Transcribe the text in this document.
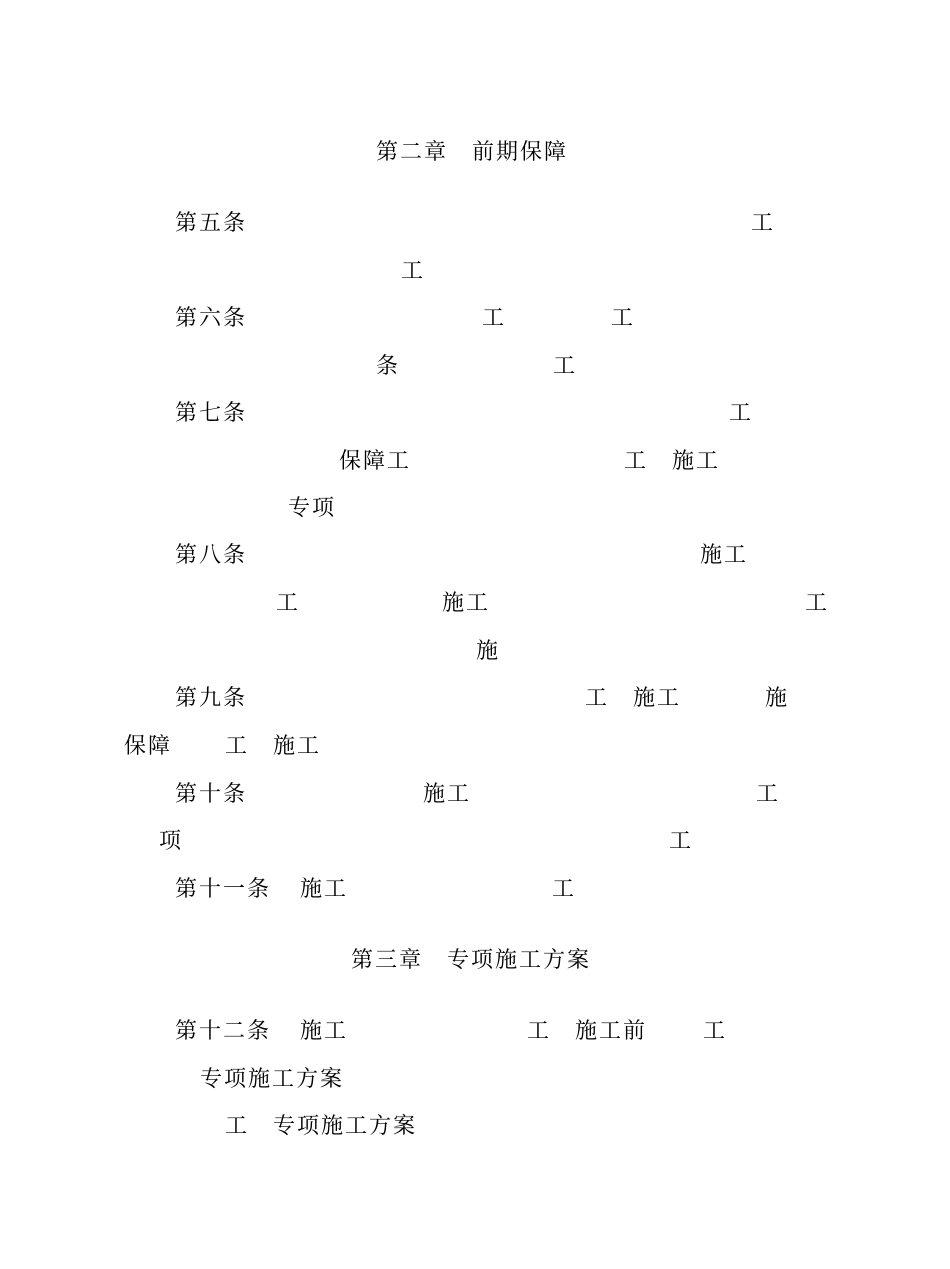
第二章　前期保障
第五条	工
工
第六条	工	工
条	工
第七条	工
保障工	工　施工
专项
第八条	施工
工	施工	工
施
第九条	工　施工	施
保障 工　施工
第十条	施工	工
项	工
第十一条 施工	工
第三章　专项施工方案
第十二条 施工	工　施工前	工
专项施工方案
工　专项施工方案
